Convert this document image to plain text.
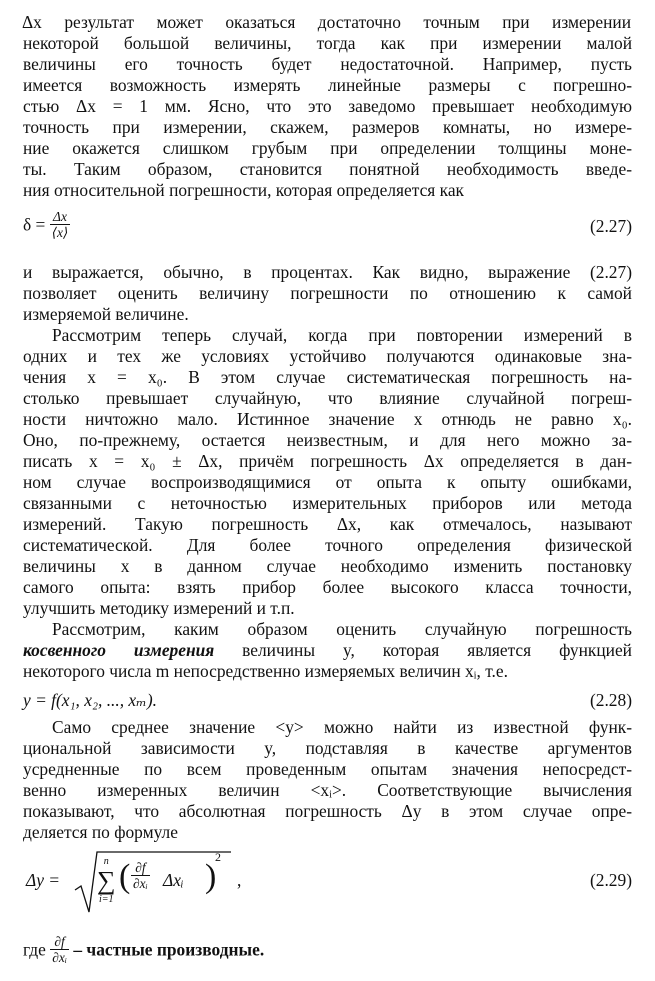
Δx результат может оказаться достаточно точным при измерении
некоторой большой величины, тогда как при измерении малой
величины его точность будет недостаточной. Например, пусть
имеется возможность измерять линейные размеры с погрешно-
стью Δx = 1 мм. Ясно, что это заведомо превышает необходимую
точность при измерении, скажем, размеров комнаты, но измере-
ние окажется слишком грубым при определении толщины моне-
ты. Таким образом, становится понятной необходимость введе-
ния относительной погрешности, которая определяется как
$\delta = \frac{\Delta x}{⟨x⟩}$	(2.27)
и выражается, обычно, в процентах. Как видно, выражение (2.27)
позволяет оценить величину погрешности по отношению к самой
измеряемой величине.
Рассмотрим теперь случай, когда при повторении измерений в
одних и тех же условиях устойчиво получаются одинаковые зна-
чения x = x₀. В этом случае систематическая погрешность на-
столько превышает случайную, что влияние случайной погреш-
ности ничтожно мало. Истинное значение x отнюдь не равно x₀.
Оно, по-прежнему, остается неизвестным, и для него можно за-
писать x = x₀ ± Δx, причём погрешность Δx определяется в дан-
ном случае воспроизводящимися от опыта к опыту ошибками,
связанными с неточностью измерительных приборов или метода
измерений. Такую погрешность Δx, как отмечалось, называют
систематической. Для более точного определения физической
величины x в данном случае необходимо изменить постановку
самого опыта: взять прибор более высокого класса точности,
улучшить методику измерений и т.п.
Рассмотрим, каким образом оценить случайную погрешность
косвенного измерения величины y, которая является функцией
некоторого числа m непосредственно измеряемых величин xᵢ, т.е.
y = f(x₁, x₂, ..., xₘ).	(2.28)
Само среднее значение <y> можно найти из известной функ-
циональной зависимости y, подставляя в качестве аргументов
усредненные по всем проведенным опытам значения непосредст-
венно измеренных величин <xᵢ>. Соответствующие вычисления
показывают, что абсолютная погрешность Δy в этом случае опре-
деляется по формуле
Δy =
n
∑
i=1
( $\frac{\partial f}{\text{∂xᵢ}}$ Δxᵢ )
2
,	(2.29)
где $\frac{\partial f}{\text{∂xᵢ}}$ – частные производные.
